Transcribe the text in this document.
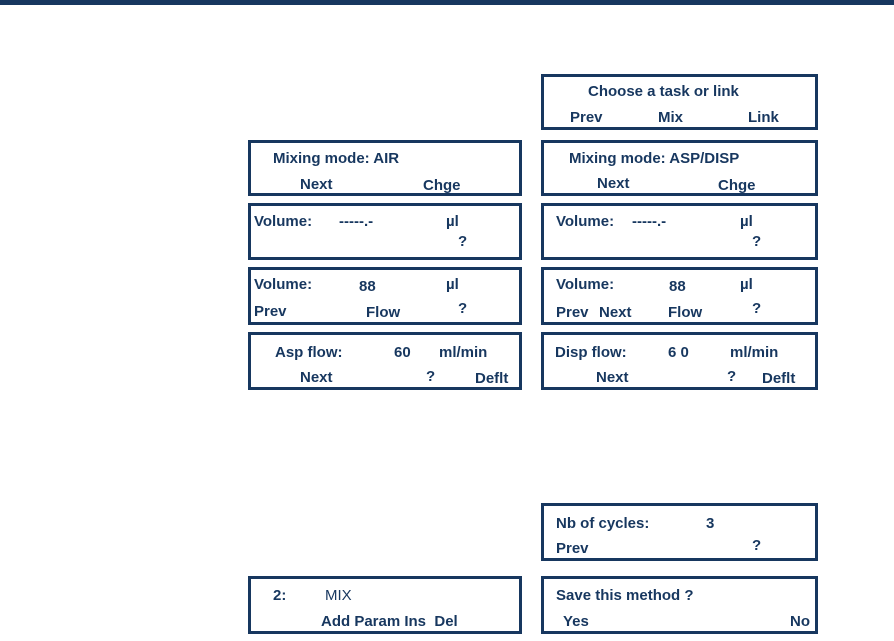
Choose a task or link
Prev	Mix	Link
Mixing mode: AIR
Next	Chge
Mixing mode: ASP/DISP
Next	Chge
Volume: -----.-	µl
?
Volume: -----.-	µl
?
Volume:	88	µl
Prev	Flow	?
Volume:	88	µl
Prev Next Flow	?
Asp flow:	60 ml/min
Next	?	Deflt
Disp flow:	6 0	ml/min
Next	? Deflt
Nb of cycles:	3
Prev	?
2:	MIX
Add Param Ins  Del
Save this method ?
Yes	No
